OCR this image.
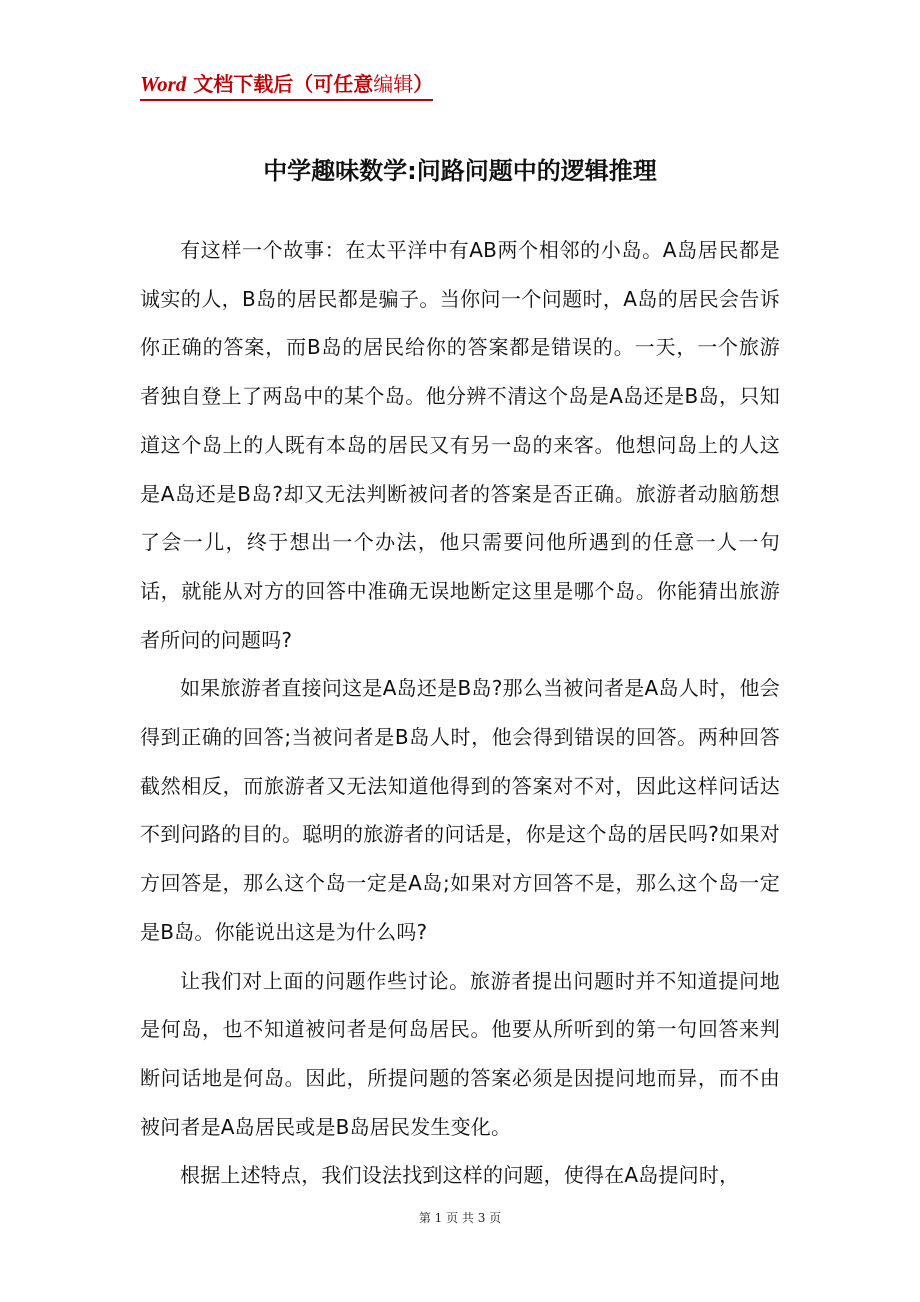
Word 文档下载后（可任意编辑）
中学趣味数学:问路问题中的逻辑推理

有这样一个故事：在太平洋中有AB两个相邻的小岛。A岛居民都是诚实的人，B岛的居民都是骗子。当你问一个问题时，A岛的居民会告诉你正确的答案，而B岛的居民给你的答案都是错误的。一天，一个旅游者独自登上了两岛中的某个岛。他分辨不清这个岛是A岛还是B岛，只知道这个岛上的人既有本岛的居民又有另一岛的来客。他想问岛上的人这是A岛还是B岛?却又无法判断被问者的答案是否正确。旅游者动脑筋想了会一儿，终于想出一个办法，他只需要问他所遇到的任意一人一句话，就能从对方的回答中准确无误地断定这里是哪个岛。你能猜出旅游者所问的问题吗?

如果旅游者直接问这是A岛还是B岛?那么当被问者是A岛人时，他会得到正确的回答;当被问者是B岛人时，他会得到错误的回答。两种回答截然相反，而旅游者又无法知道他得到的答案对不对，因此这样问话达不到问路的目的。聪明的旅游者的问话是，你是这个岛的居民吗?如果对方回答是，那么这个岛一定是A岛;如果对方回答不是，那么这个岛一定是B岛。你能说出这是为什么吗?

让我们对上面的问题作些讨论。旅游者提出问题时并不知道提问地是何岛，也不知道被问者是何岛居民。他要从所听到的第一句回答来判断问话地是何岛。因此，所提问题的答案必须是因提问地而异，而不由被问者是A岛居民或是B岛居民发生变化。

根据上述特点，我们设法找到这样的问题，使得在A岛提问时，

第 1 页 共 3 页
